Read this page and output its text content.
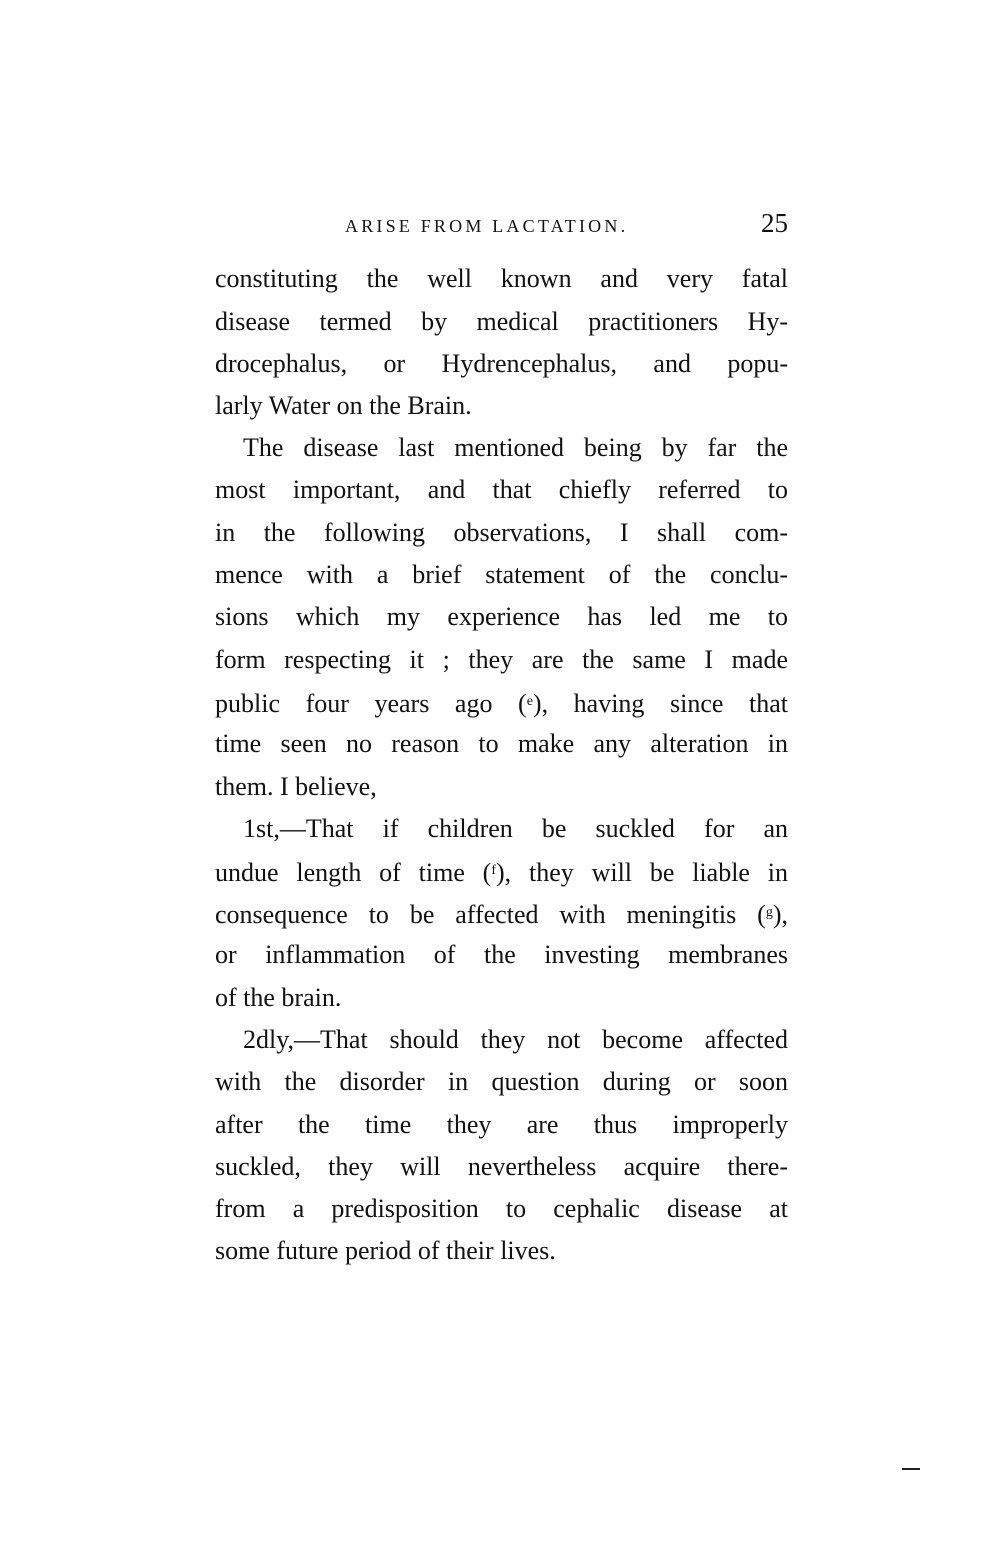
ARISE FROM LACTATION.	25
constituting the well known and very fatal
disease termed by medical practitioners Hy-
drocephalus, or Hydrencephalus, and popu-
larly Water on the Brain.
The disease last mentioned being by far the
most important, and that chiefly referred to
in the following observations, I shall com-
mence with a brief statement of the conclu-
sions which my experience has led me to
form respecting it ; they are the same I made
public four years ago ($^e$), having since that
time seen no reason to make any alteration in
them. I believe,
1st,—That if children be suckled for an
undue length of time ($^f$), they will be liable in
consequence to be affected with meningitis ($^g$),
or inflammation of the investing membranes
of the brain.
2dly,—That should they not become affected
with the disorder in question during or soon
after the time they are thus improperly
suckled, they will nevertheless acquire there-
from a predisposition to cephalic disease at
some future period of their lives.
